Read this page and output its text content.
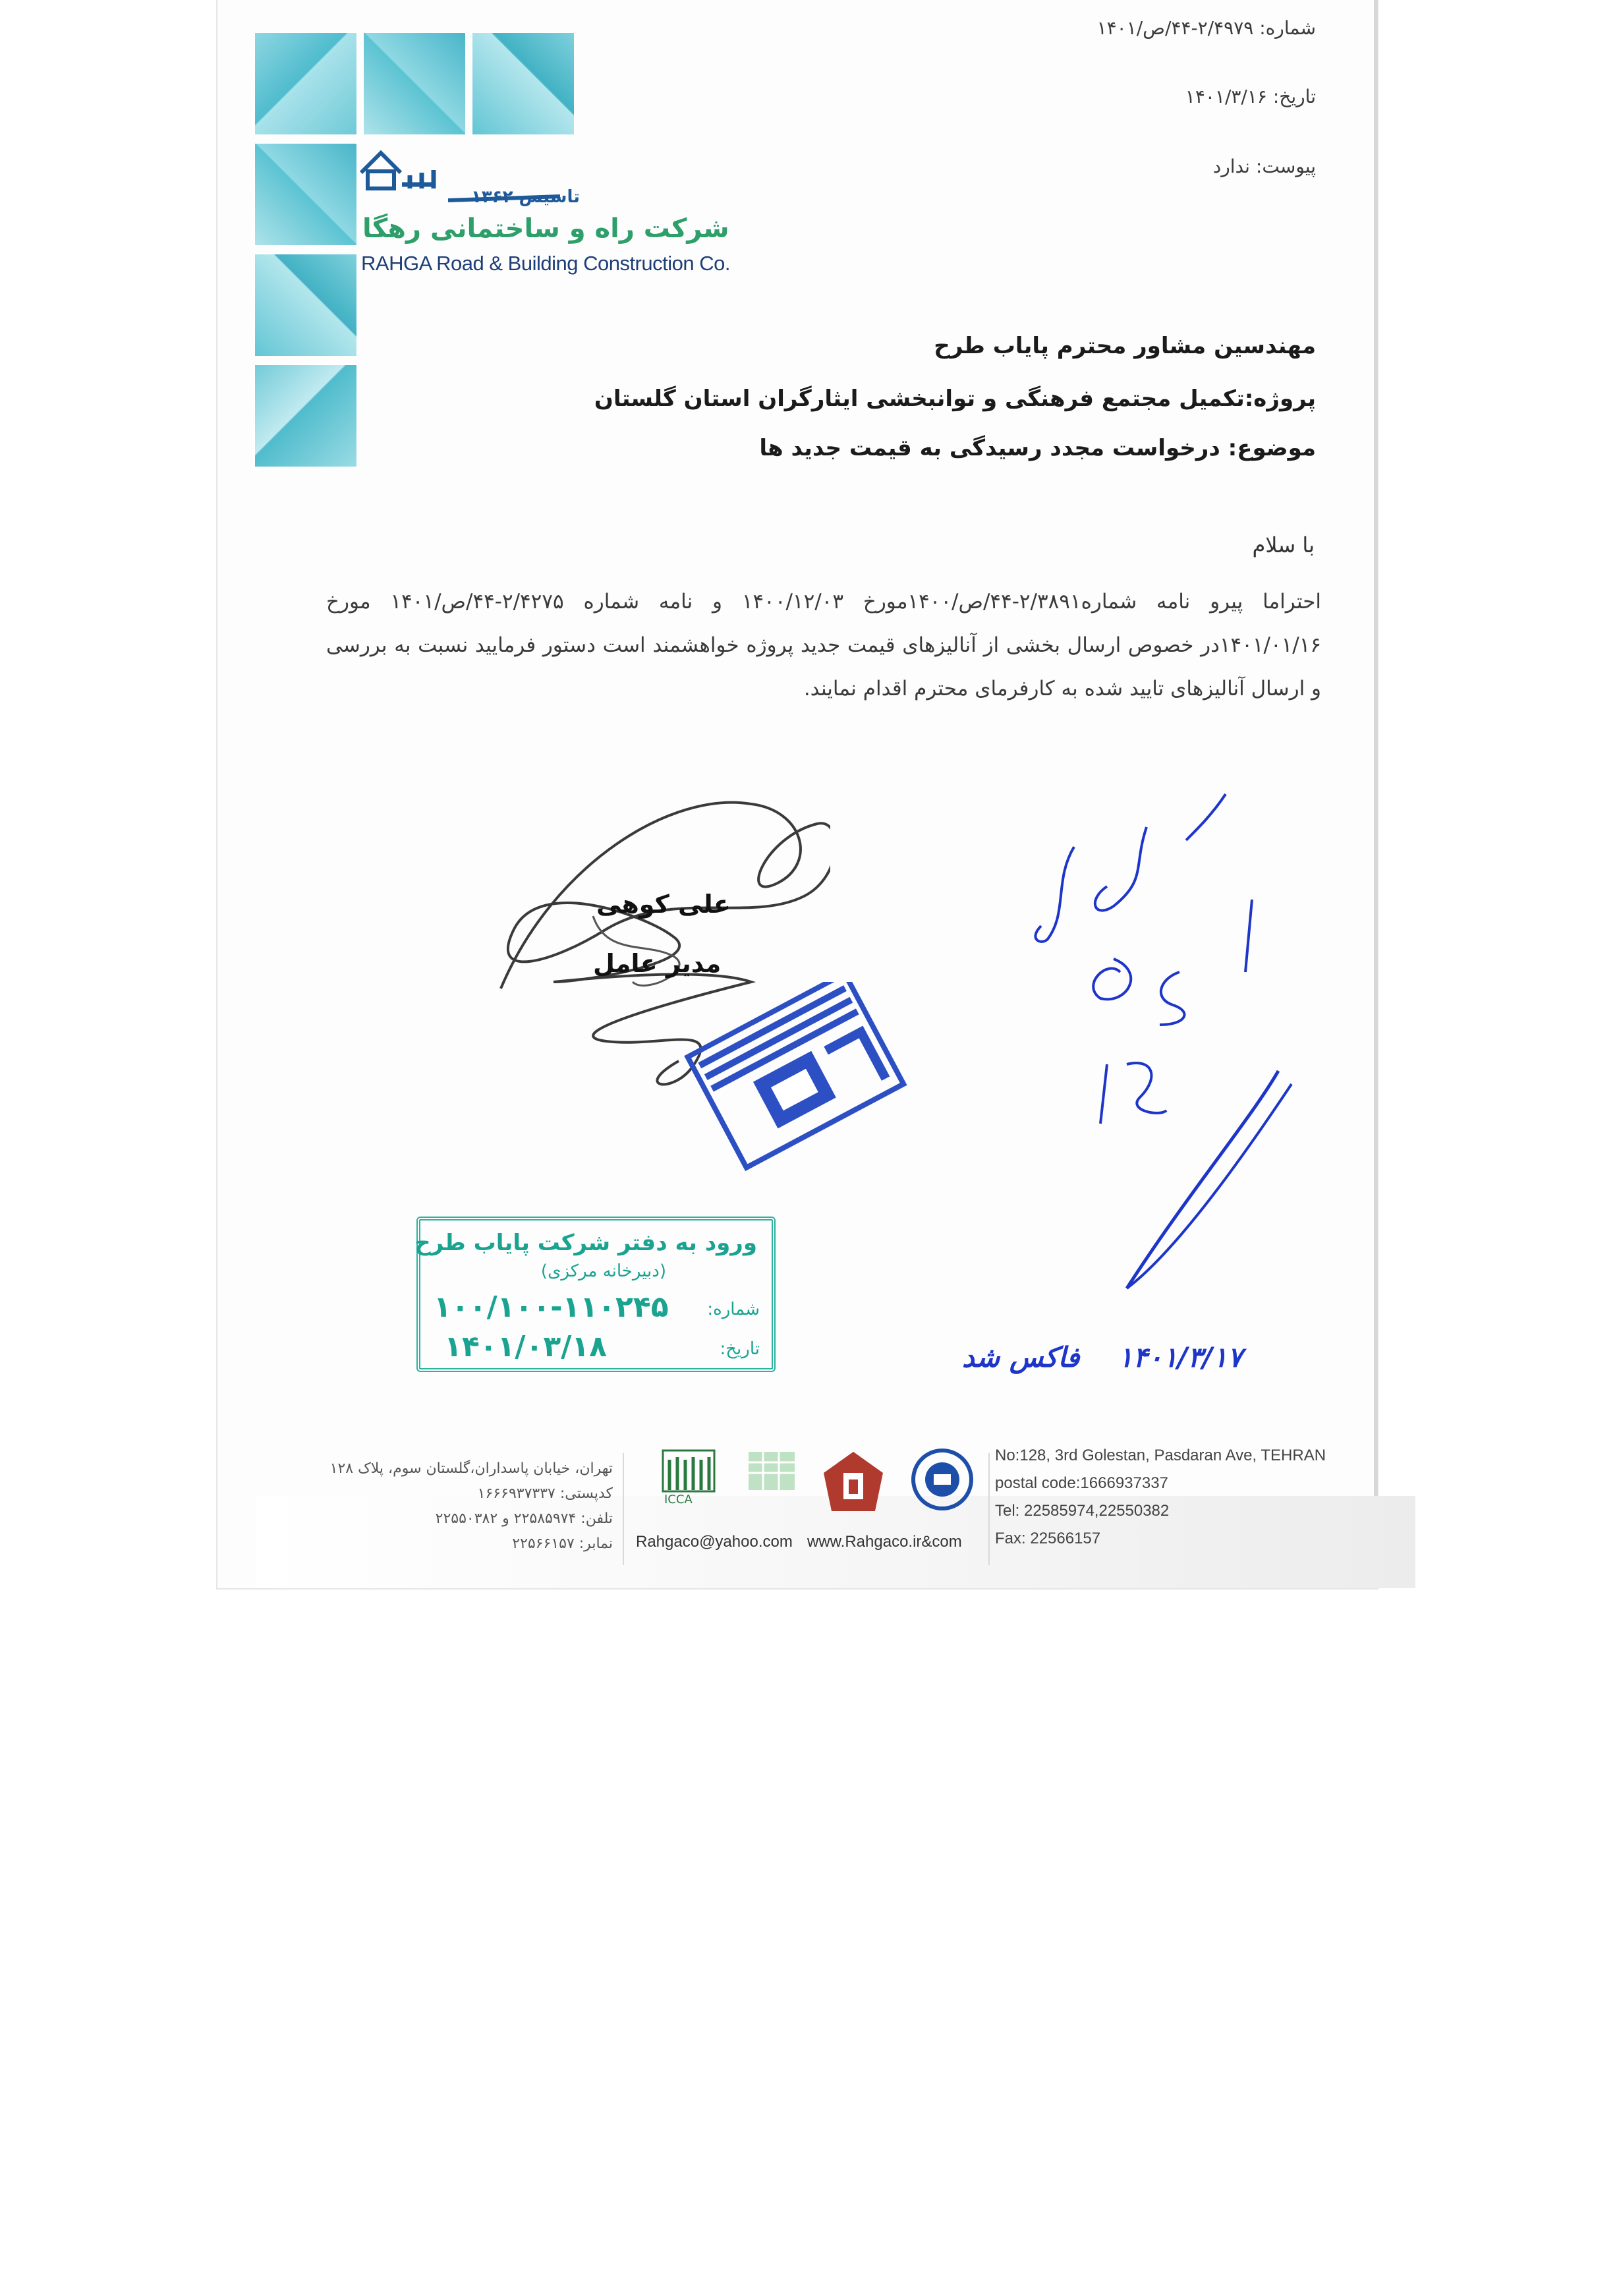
شماره: ۲/۴۹۷۹-۴۴/ص/۱۴۰۱
تاریخ: ۱۴۰۱/۳/۱۶
پیوست: ندارد
تاسیس ۱۳۶۲
شرکت راه و ساختمانی رهگا
RAHGA Road & Building Construction Co.
مهندسین مشاور محترم پایاب طرح
پروژه:تکمیل مجتمع فرهنگی و توانبخشی ایثارگران استان گلستان
موضوع: درخواست مجدد رسیدگی به قیمت جدید ها
با سلام
احتراما پیرو نامه شماره۲/۳۸۹۱-۴۴/ص/۱۴۰۰مورخ ۱۴۰۰/۱۲/۰۳ و نامه شماره ۲/۴۲۷۵-۴۴/ص/۱۴۰۱ مورخ ۱۴۰۱/۰۱/۱۶در خصوص ارسال بخشی از آنالیزهای قیمت جدید پروژه خواهشمند است دستور فرمایید نسبت به بررسی و ارسال آنالیزهای تایید شده به کارفرمای محترم اقدام نمایند.
علی کوهی
مدیر عامل
ورود به دفتر شرکت پایاب طرح
(دبیرخانه مرکزی)
شماره:
تاریخ:
۱۰۰/۱۰۰-۱۱۰۲۴۵
۱۴۰۱/۰۳/۱۸	۱۴۰۱/۳/۱۷    فاکس شد
تهران، خیابان پاسداران،گلستان سوم، پلاک ۱۲۸
کدپستی: ۱۶۶۶۹۳۷۳۳۷
تلفن: ۲۲۵۸۵۹۷۴ و ۲۲۵۵۰۳۸۲
نمابر: ۲۲۵۶۶۱۵۷
ICCA
Rahgaco@yahoo.com www.Rahgaco.ir&com
No:128, 3rd Golestan, Pasdaran Ave, TEHRAN
postal code:1666937337
Tel: 22585974,22550382
Fax: 22566157
